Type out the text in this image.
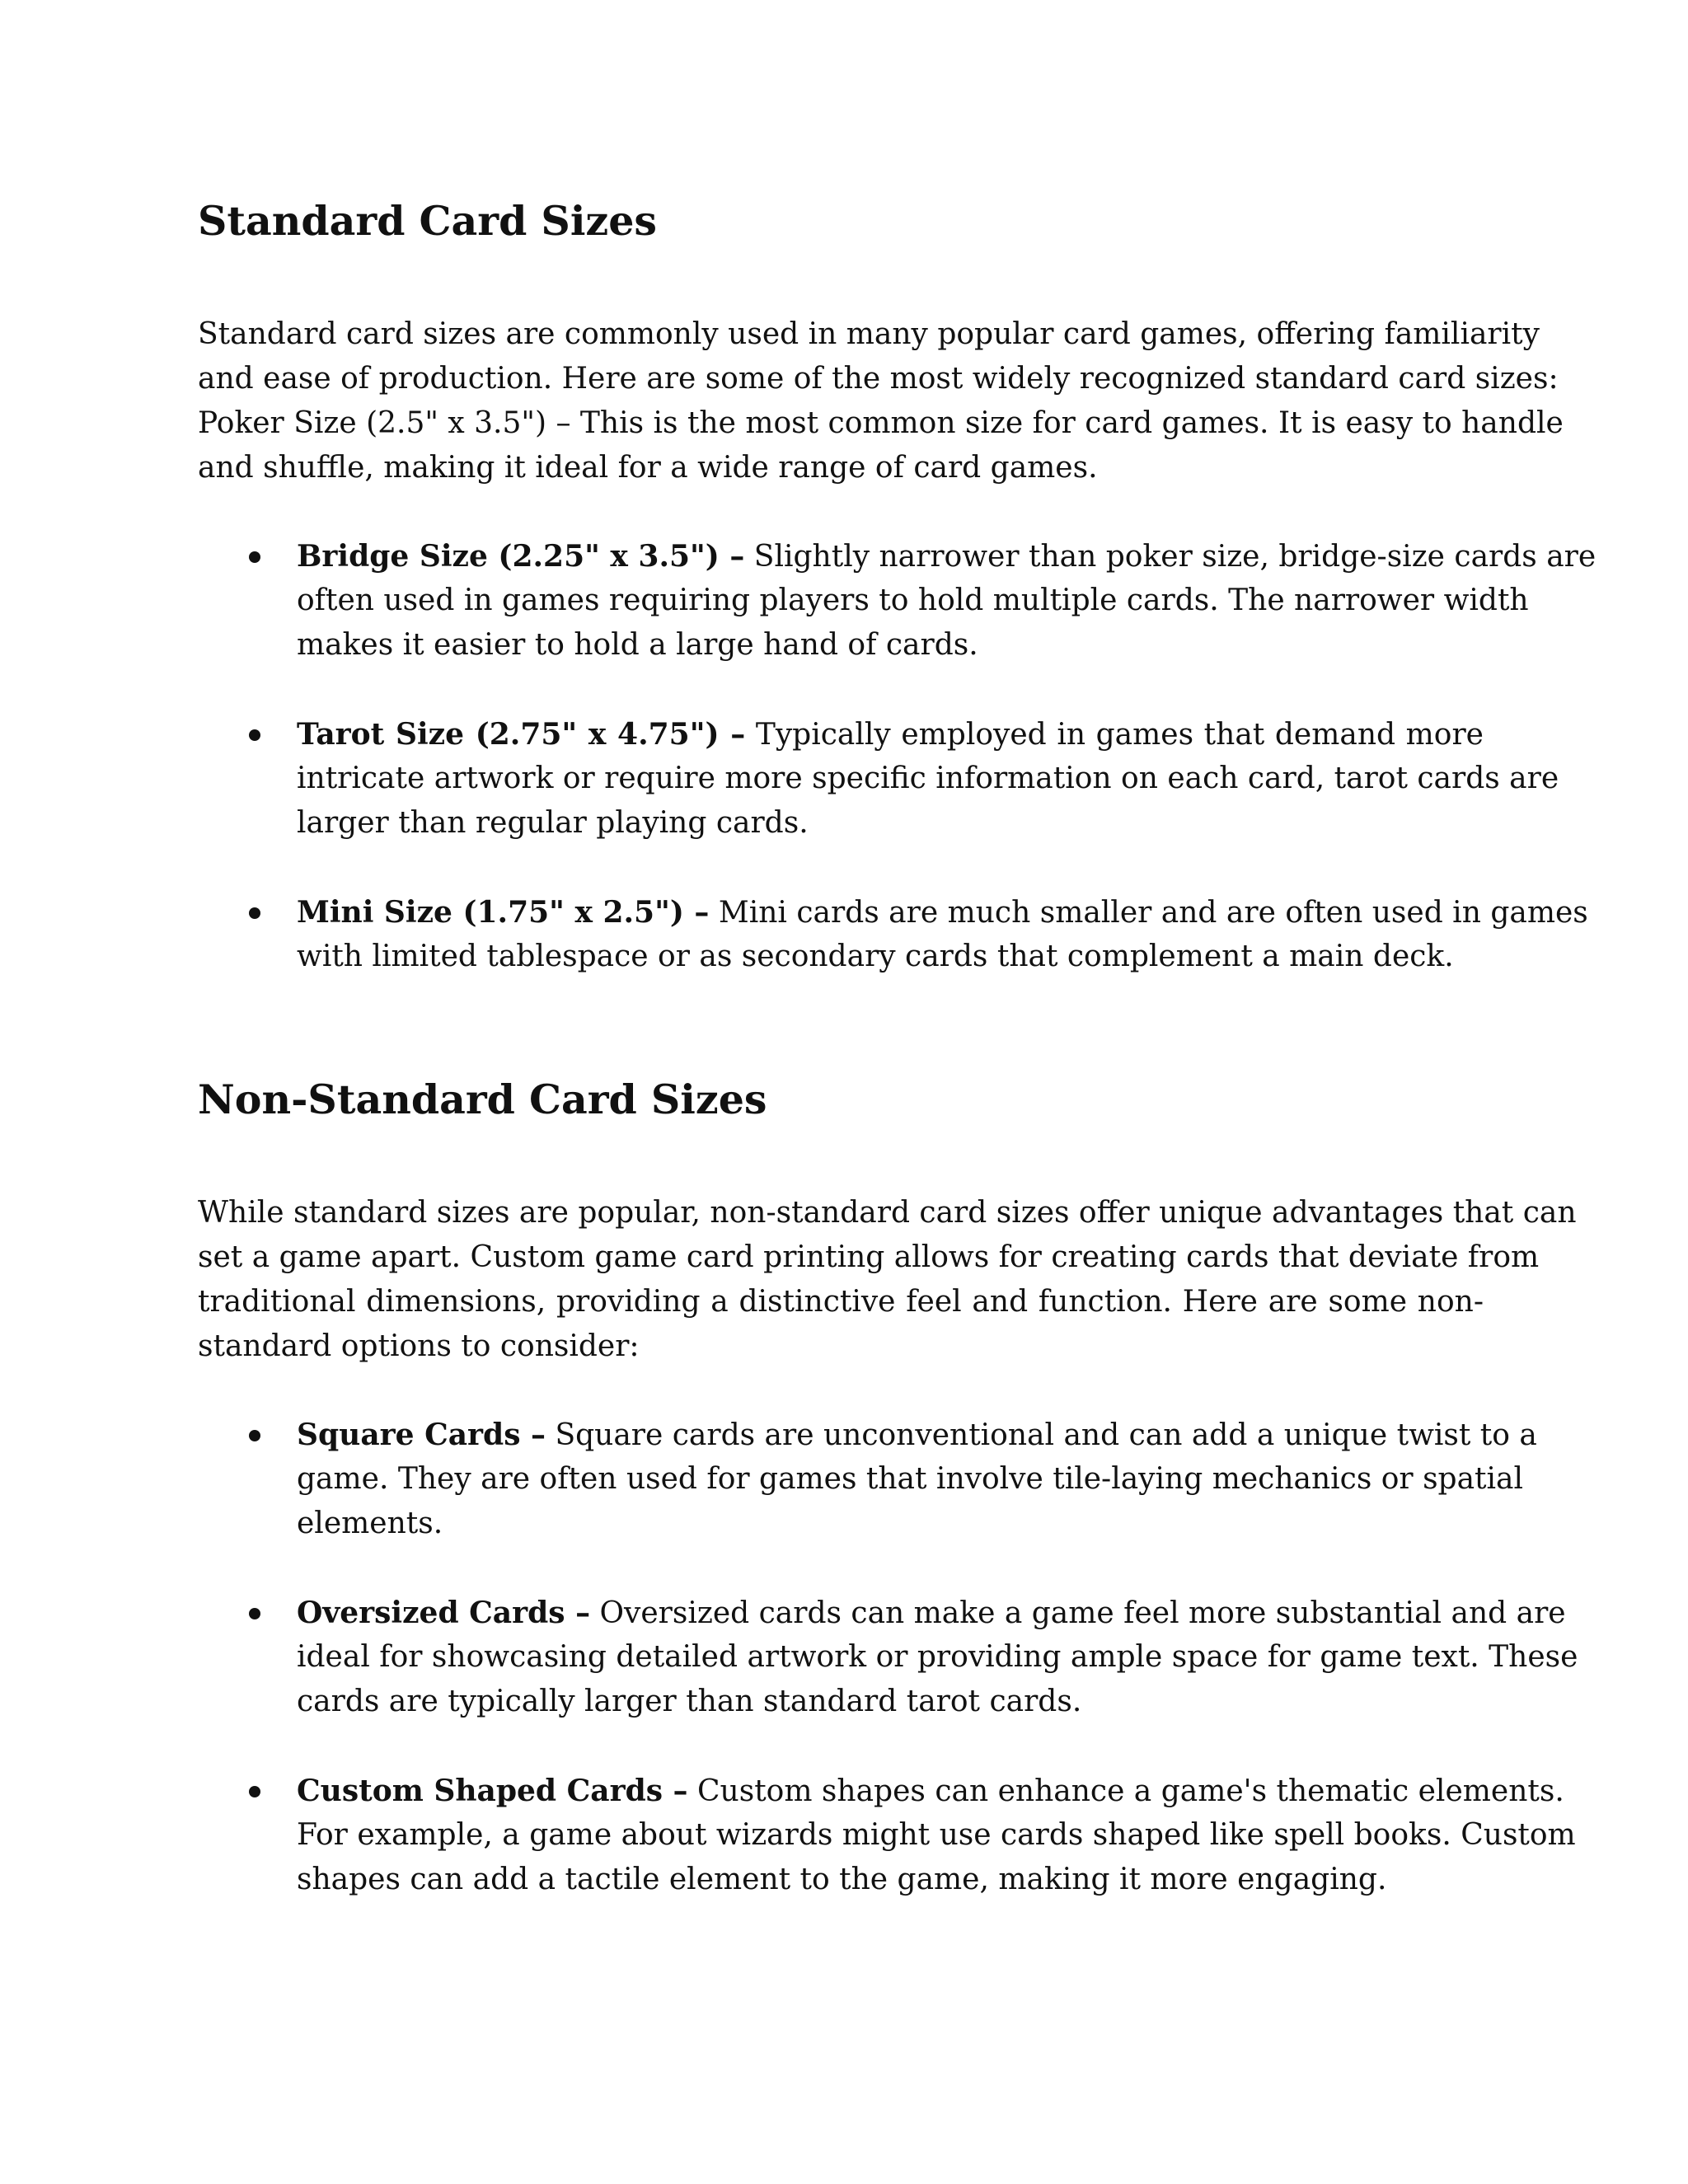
Standard Card Sizes
Standard card sizes are commonly used in many popular card games, offering familiarity
and ease of production. Here are some of the most widely recognized standard card sizes:
Poker Size (2.5" x 3.5") – This is the most common size for card games. It is easy to handle
and shuffle, making it ideal for a wide range of card games.
Bridge Size (2.25" x 3.5") – Slightly narrower than poker size, bridge-size cards are
often used in games requiring players to hold multiple cards. The narrower width
makes it easier to hold a large hand of cards.
Tarot Size (2.75" x 4.75") – Typically employed in games that demand more
intricate artwork or require more specific information on each card, tarot cards are
larger than regular playing cards.
Mini Size (1.75" x 2.5") – Mini cards are much smaller and are often used in games
with limited tablespace or as secondary cards that complement a main deck.
Non-Standard Card Sizes
While standard sizes are popular, non-standard card sizes offer unique advantages that can
set a game apart. Custom game card printing allows for creating cards that deviate from
traditional dimensions, providing a distinctive feel and function. Here are some non-
standard options to consider:
Square Cards – Square cards are unconventional and can add a unique twist to a
game. They are often used for games that involve tile-laying mechanics or spatial
elements.
Oversized Cards – Oversized cards can make a game feel more substantial and are
ideal for showcasing detailed artwork or providing ample space for game text. These
cards are typically larger than standard tarot cards.
Custom Shaped Cards – Custom shapes can enhance a game's thematic elements.
For example, a game about wizards might use cards shaped like spell books. Custom
shapes can add a tactile element to the game, making it more engaging.
